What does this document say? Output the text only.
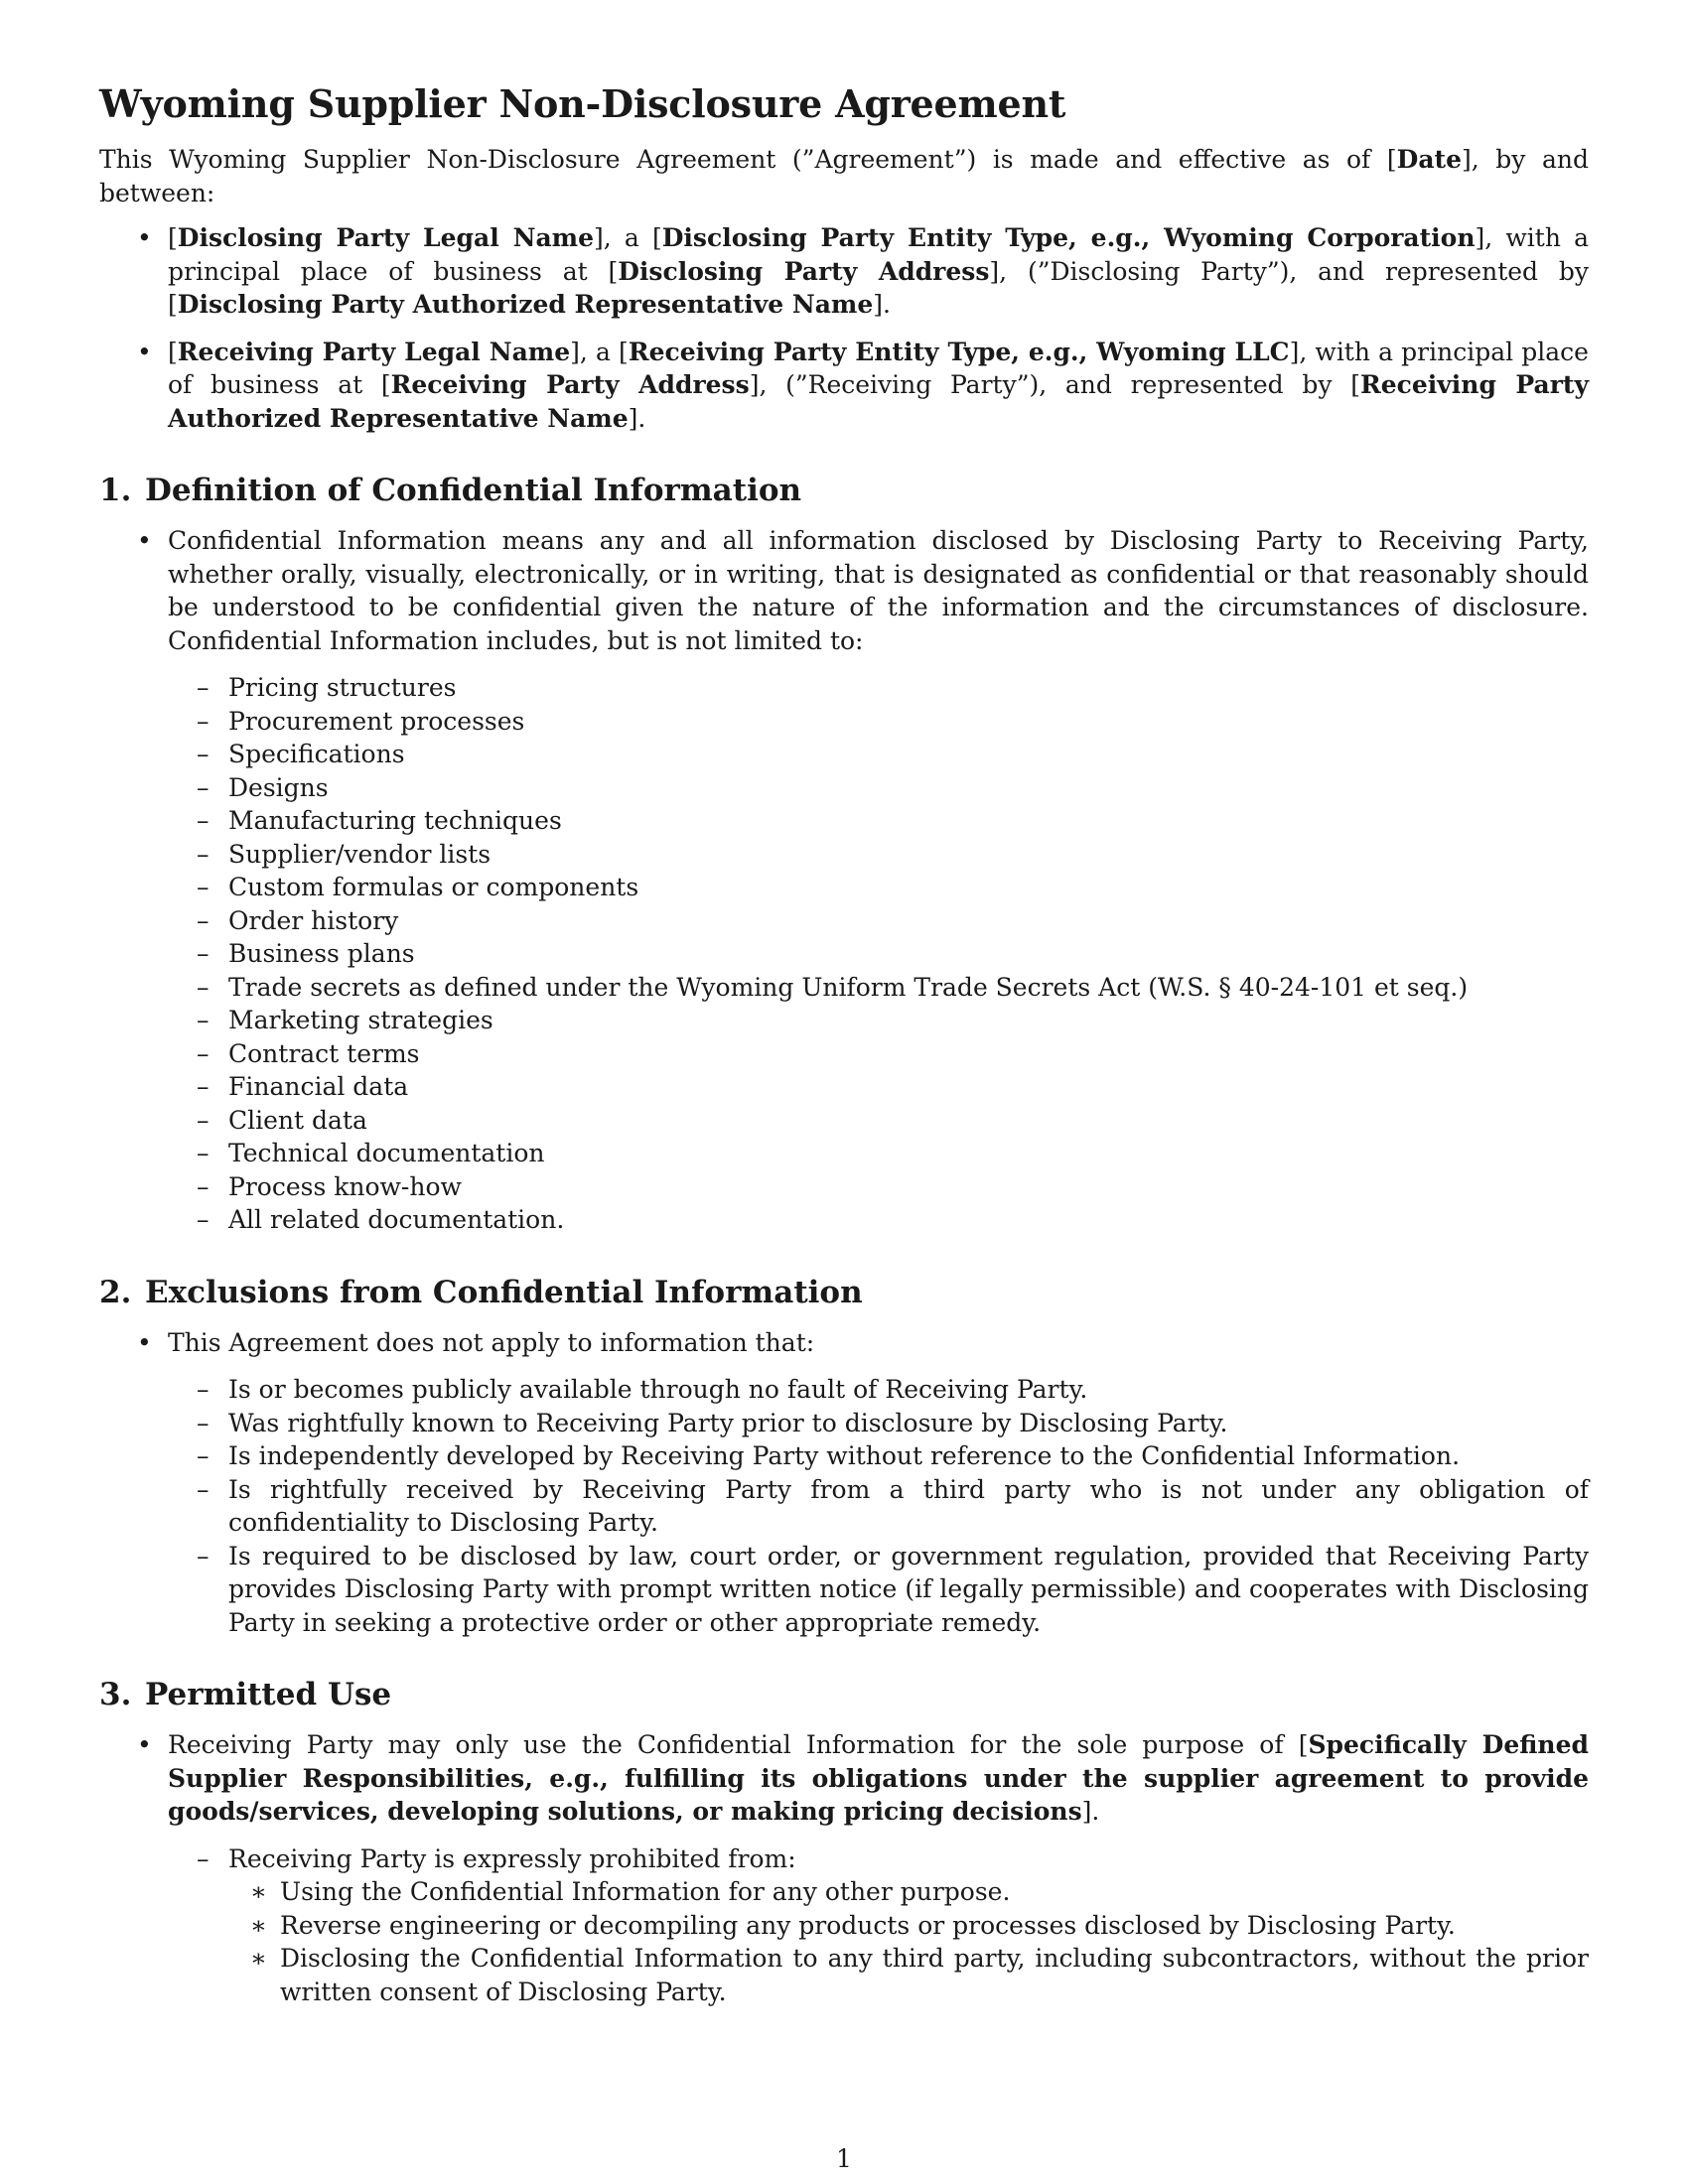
Wyoming Supplier Non-Disclosure Agreement
This Wyoming Supplier Non-Disclosure Agreement (”Agreement”) is made and effective as of [Date], by and between:
• [Disclosing Party Legal Name], a [Disclosing Party Entity Type, e.g., Wyoming Corporation], with a principal place of business at [Disclosing Party Address], (”Disclosing Party”), and represented by [Disclosing Party Authorized Representative Name].
• [Receiving Party Legal Name], a [Receiving Party Entity Type, e.g., Wyoming LLC], with a principal place of business at [Receiving Party Address], (”Receiving Party”), and represented by [Receiving Party Authorized Representative Name].
1. Definition of Confidential Information
• Confidential Information means any and all information disclosed by Disclosing Party to Receiving Party, whether orally, visually, electronically, or in writing, that is designated as confidential or that reasonably should be understood to be confidential given the nature of the information and the circumstances of disclosure. Confidential Information includes, but is not limited to:
– Pricing structures
– Procurement processes
– Specifications
– Designs
– Manufacturing techniques
– Supplier/vendor lists
– Custom formulas or components
– Order history
– Business plans
– Trade secrets as defined under the Wyoming Uniform Trade Secrets Act (W.S. § 40-24-101 et seq.)
– Marketing strategies
– Contract terms
– Financial data
– Client data
– Technical documentation
– Process know-how
– All related documentation.
2. Exclusions from Confidential Information
• This Agreement does not apply to information that:
– Is or becomes publicly available through no fault of Receiving Party.
– Was rightfully known to Receiving Party prior to disclosure by Disclosing Party.
– Is independently developed by Receiving Party without reference to the Confidential Information.
– Is rightfully received by Receiving Party from a third party who is not under any obligation of confidentiality to Disclosing Party.
– Is required to be disclosed by law, court order, or government regulation, provided that Receiving Party provides Disclosing Party with prompt written notice (if legally permissible) and cooperates with Disclosing Party in seeking a protective order or other appropriate remedy.
3. Permitted Use
• Receiving Party may only use the Confidential Information for the sole purpose of [Specifically Defined Supplier Responsibilities, e.g., fulfilling its obligations under the supplier agreement to provide goods/services, developing solutions, or making pricing decisions].
– Receiving Party is expressly prohibited from:
∗ Using the Confidential Information for any other purpose.
∗ Reverse engineering or decompiling any products or processes disclosed by Disclosing Party.
∗ Disclosing the Confidential Information to any third party, including subcontractors, without the prior written consent of Disclosing Party.
1
